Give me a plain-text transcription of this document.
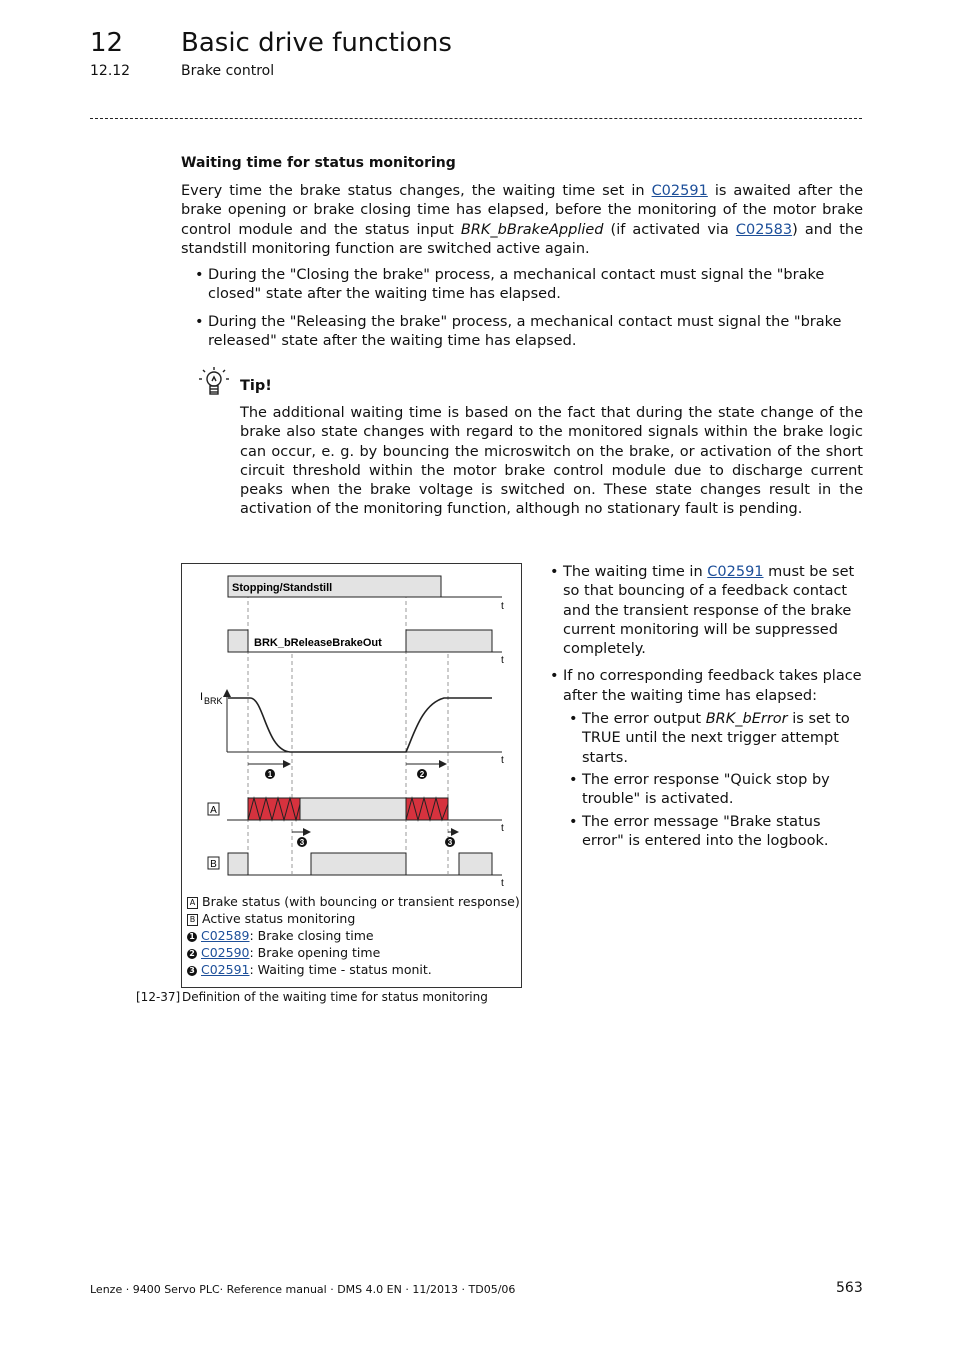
12 Basic drive functions
12.12	Brake control
Waiting time for status monitoring
Every time the brake status changes, the waiting time set in C02591 is awaited after the brake opening or brake closing time has elapsed, before the monitoring of the motor brake control module and the status input BRK_bBrakeApplied (if activated via C02583) and the standstill monitoring function are switched active again.
• During the "Closing the brake" process, a mechanical contact must signal the "brake closed" state after the waiting time has elapsed.
• During the "Releasing the brake" process, a mechanical contact must signal the "brake released" state after the waiting time has elapsed.
Tip!
The additional waiting time is based on the fact that during the state change of the brake also state changes with regard to the monitored signals within the brake logic can occur, e. g. by bouncing the microswitch on the brake, or activation of the short circuit threshold within the motor brake control module due to discharge current peaks when the brake voltage is switched on. These state changes result in the activation of the monitoring function, although no stationary fault is pending.
Stopping/Standstill
t
BRK_bReleaseBrakeOut
t
I BRK
t
1	2
A
t
3	3
B
t
A Brake status (with bouncing or transient response)
B Active status monitoring
1 C02589: Brake closing time
2 C02590: Brake opening time
3 C02591: Waiting time - status monit.
[12-37] Definition of the waiting time for status monitoring
• The waiting time in C02591 must be set so that bouncing of a feedback contact and the transient response of the brake current monitoring will be suppressed completely.
• If no corresponding feedback takes place after the waiting time has elapsed:
• The error output BRK_bError is set to TRUE until the next trigger attempt starts.
• The error response "Quick stop by trouble" is activated.
• The error message "Brake status error" is entered into the logbook.
Lenze · 9400 Servo PLC· Reference manual · DMS 4.0 EN · 11/2013 · TD05/06	563
